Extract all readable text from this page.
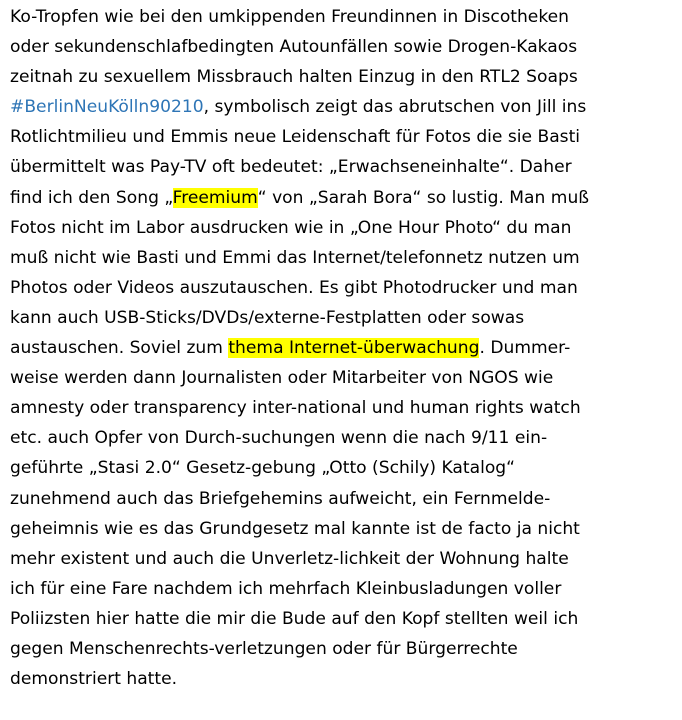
Ko-Tropfen wie bei den umkippenden Freundinnen in Discotheken
oder sekundenschlafbedingten Autounfällen sowie Drogen-Kakaos
zeitnah zu sexuellem Missbrauch halten Einzug in den RTL2 Soaps
#BerlinNeuKölln90210, symbolisch zeigt das abrutschen von Jill ins
Rotlichtmilieu und Emmis neue Leidenschaft für Fotos die sie Basti
übermittelt was Pay-TV oft bedeutet: „Erwachseneinhalte“. Daher
find ich den Song „Freemium“ von „Sarah Bora“ so lustig. Man muß
Fotos nicht im Labor ausdrucken wie in „One Hour Photo“ du man
muß nicht wie Basti und Emmi das Internet/telefonnetz nutzen um
Photos oder Videos auszutauschen. Es gibt Photodrucker und man
kann auch USB-Sticks/DVDs/externe-Festplatten oder sowas
austauschen. Soviel zum thema Internet-überwachung. Dummer-
weise werden dann Journalisten oder Mitarbeiter von NGOS wie
amnesty oder transparency inter-national und human rights watch
etc. auch Opfer von Durch-suchungen wenn die nach 9/11 ein-
geführte „Stasi 2.0“ Gesetz-gebung „Otto (Schily) Katalog“
zunehmend auch das Briefgehemins aufweicht, ein Fernmelde-
geheimnis wie es das Grundgesetz mal kannte ist de facto ja nicht
mehr existent und auch die Unverletz-lichkeit der Wohnung halte
ich für eine Fare nachdem ich mehrfach Kleinbusladungen voller
Poliizsten hier hatte die mir die Bude auf den Kopf stellten weil ich
gegen Menschenrechts-verletzungen oder für Bürgerrechte
demonstriert hatte.
